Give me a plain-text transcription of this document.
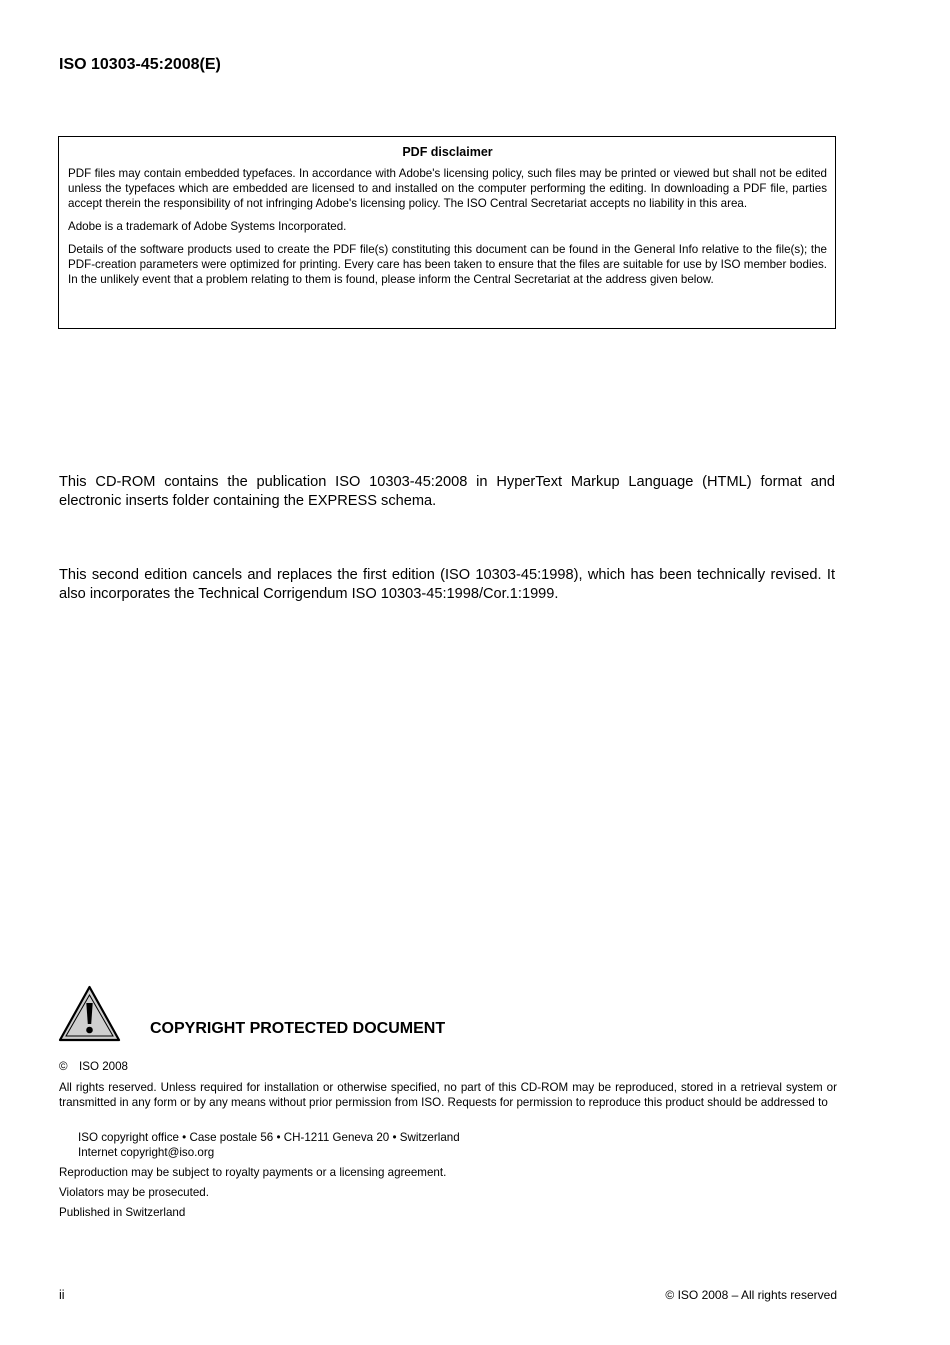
ISO 10303-45:2008(E)
PDF disclaimer

PDF files may contain embedded typefaces. In accordance with Adobe's licensing policy, such files may be printed or viewed but shall not be edited unless the typefaces which are embedded are licensed to and installed on the computer performing the editing. In downloading a PDF file, parties accept therein the responsibility of not infringing Adobe's licensing policy. The ISO Central Secretariat accepts no liability in this area.

Adobe is a trademark of Adobe Systems Incorporated.

Details of the software products used to create the PDF file(s) constituting this document can be found in the General Info relative to the file(s); the PDF-creation parameters were optimized for printing. Every care has been taken to ensure that the files are suitable for use by ISO member bodies. In the unlikely event that a problem relating to them is found, please inform the Central Secretariat at the address given below.

This CD-ROM contains the publication ISO 10303-45:2008 in HyperText Markup Language (HTML) format and electronic inserts folder containing the EXPRESS schema.

This second edition cancels and replaces the first edition (ISO 10303-45:1998), which has been technically revised. It also incorporates the Technical Corrigendum ISO 10303-45:1998/Cor.1:1999.

COPYRIGHT PROTECTED DOCUMENT
© ISO 2008

All rights reserved. Unless required for installation or otherwise specified, no part of this CD-ROM may be reproduced, stored in a retrieval system or transmitted in any form or by any means without prior permission from ISO. Requests for permission to reproduce this product should be addressed to

ISO copyright office • Case postale 56 • CH-1211 Geneva 20 • Switzerland
Internet copyright@iso.org
Reproduction may be subject to royalty payments or a licensing agreement.
Violators may be prosecuted.
Published in Switzerland
ii	© ISO 2008 – All rights reserved
